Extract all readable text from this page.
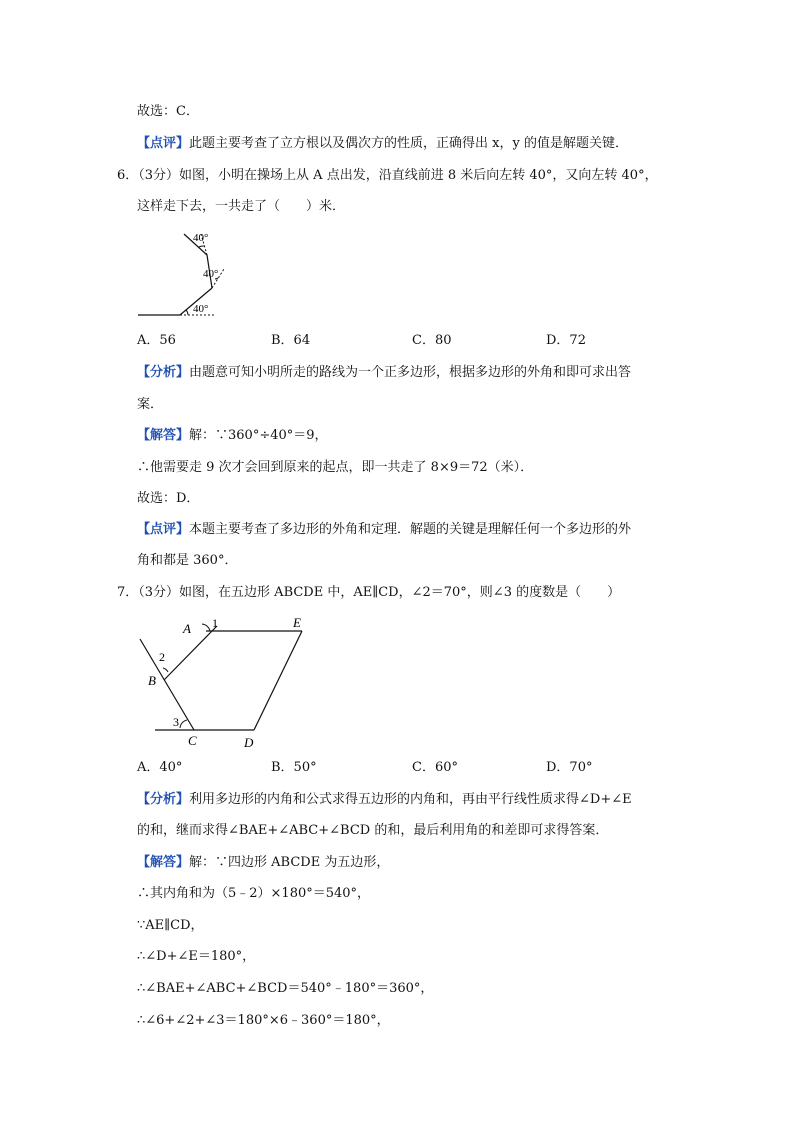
故选：C．
【点评】此题主要考查了立方根以及偶次方的性质，正确得出 x，y 的值是解题关键．
6．（3分）如图，小明在操场上从 A 点出发，沿直线前进 8 米后向左转 40°，又向左转 40°，
这样走下去，一共走了（　　）米．
40°
40°
40°
A．56	B．64	C．80	D．72
【分析】由题意可知小明所走的路线为一个正多边形，根据多边形的外角和即可求出答
案．
【解答】解：∵360°÷40°＝9，
∴他需要走 9 次才会回到原来的起点，即一共走了 8×9＝72（米）．
故选：D．
【点评】本题主要考查了多边形的外角和定理．解题的关键是理解任何一个多边形的外
角和都是 360°．
7．（3分）如图，在五边形 ABCDE 中，AE∥CD，∠2＝70°，则∠3 的度数是（　　）
A 1	E
2
B
3
C	D
A．40°	B．50°	C．60°	D．70°
【分析】利用多边形的内角和公式求得五边形的内角和，再由平行线性质求得∠D+∠E
的和，继而求得∠BAE+∠ABC+∠BCD 的和，最后利用角的和差即可求得答案．
【解答】解：∵四边形 ABCDE 为五边形，
∴其内角和为（5﹣2）×180°＝540°，
∵AE∥CD，
∴∠D+∠E＝180°，
∴∠BAE+∠ABC+∠BCD＝540°﹣180°＝360°，
∴∠6+∠2+∠3＝180°×6﹣360°＝180°，
